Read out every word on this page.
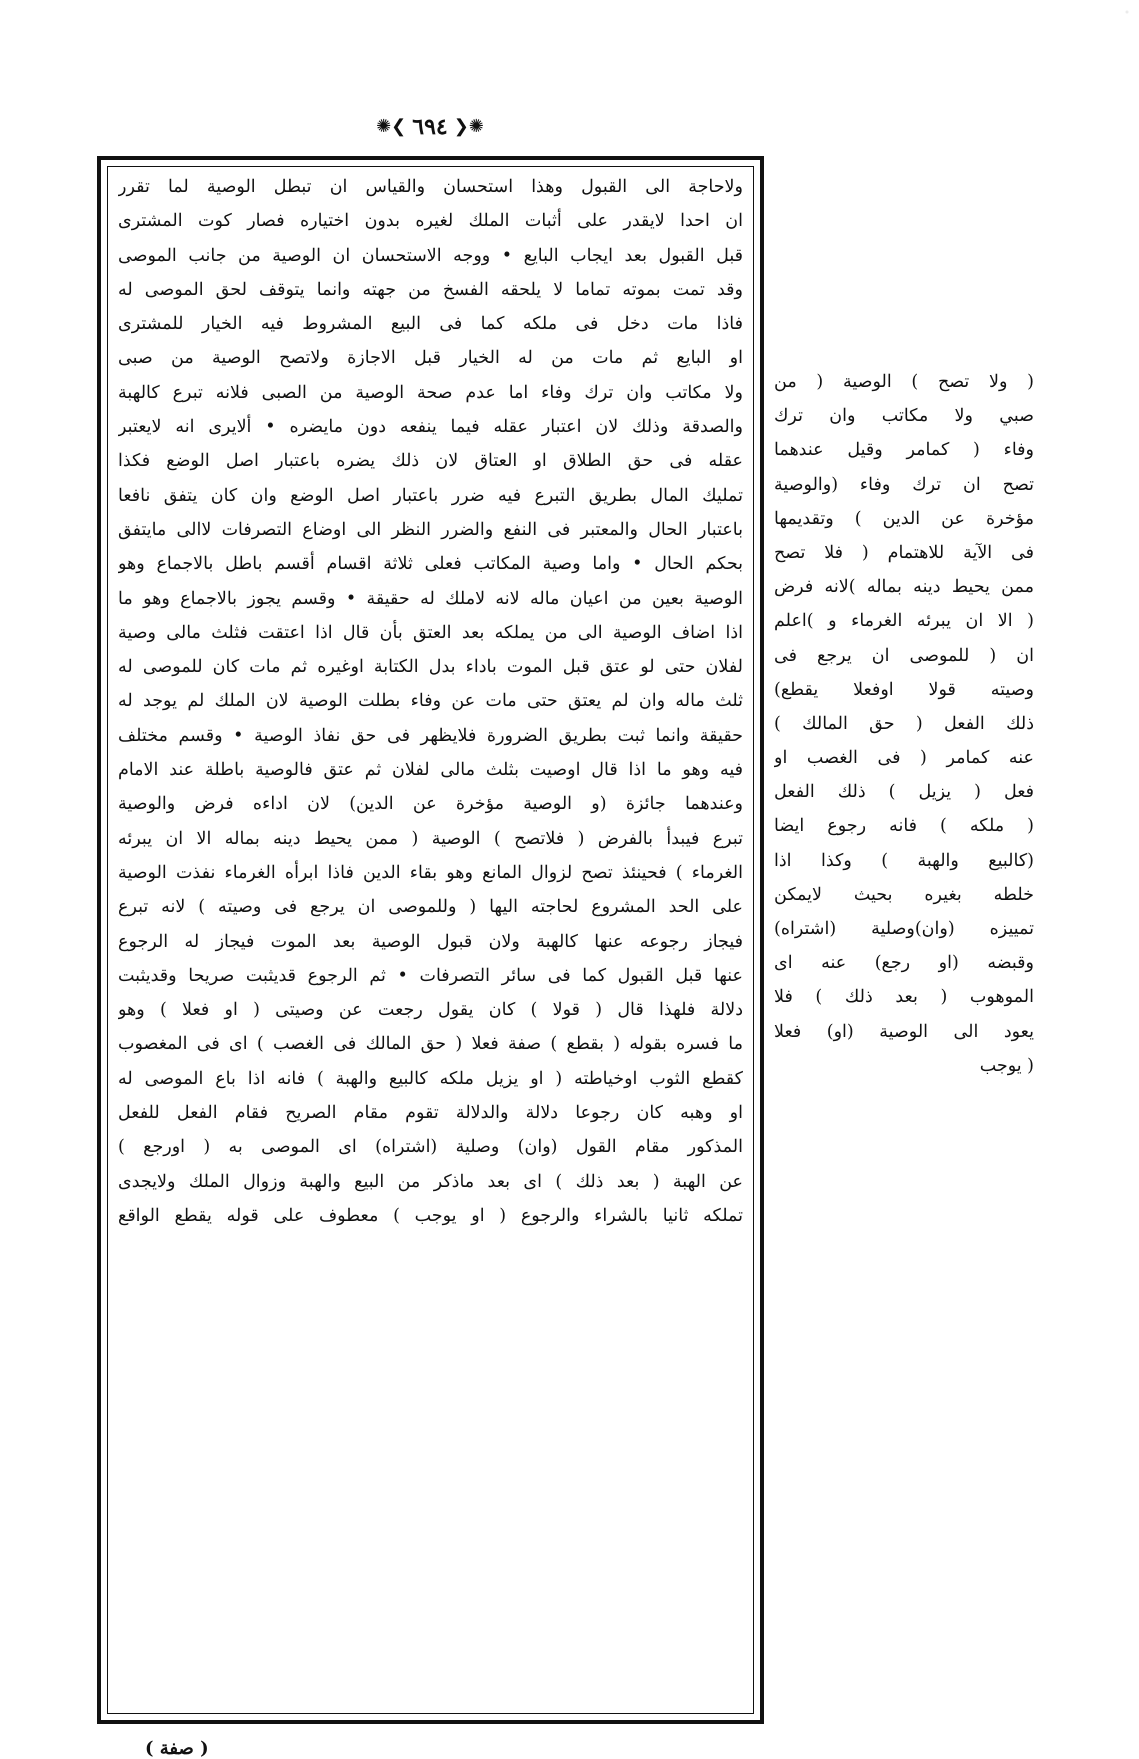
✺❮ ٦٩٤ ❯✺
ولاحاجة الى القبول وهذا استحسان والقياس ان تبطل الوصية لما تقرر
ان احدا لايقدر على أثبات الملك لغيره بدون اختياره فصار كوت المشترى
قبل القبول بعد ايجاب البايع • ووجه الاستحسان ان الوصية من جانب الموصى
وقد تمت بموته تماما لا يلحقه الفسخ من جهته وانما يتوقف لحق الموصى له
فاذا مات دخل فى ملكه كما فى البيع المشروط فيه الخيار للمشترى
او البايع ثم مات من له الخيار قبل الاجازة ولاتصح الوصية من صبى
ولا مكاتب وان ترك وفاء اما عدم صحة الوصية من الصبى فلانه تبرع كالهبة
والصدقة وذلك لان اعتبار عقله فيما ينفعه دون مايضره • ألايرى انه لايعتبر
عقله فى حق الطلاق او العتاق لان ذلك يضره باعتبار اصل الوضع فكذا
تمليك المال بطريق التبرع فيه ضرر باعتبار اصل الوضع وان كان يتفق نافعا
باعتبار الحال والمعتبر فى النفع والضرر النظر الى اوضاع التصرفات لاالى مايتفق
بحكم الحال • واما وصية المكاتب فعلى ثلاثة اقسام أقسم باطل بالاجماع وهو
الوصية بعين من اعيان ماله لانه لاملك له حقيقة • وقسم يجوز بالاجماع وهو ما
اذا اضاف الوصية الى من يملكه بعد العتق بأن قال اذا اعتقت فثلث مالى وصية
لفلان حتى لو عتق قبل الموت باداء بدل الكتابة اوغيره ثم مات كان للموصى له
ثلث ماله وان لم يعتق حتى مات عن وفاء بطلت الوصية لان الملك لم يوجد له
حقيقة وانما ثبت بطريق الضرورة فلايظهر فى حق نفاذ الوصية • وقسم مختلف
فيه وهو ما اذا قال اوصيت بثلث مالى لفلان ثم عتق فالوصية باطلة عند الامام
وعندهما جائزة (و الوصية مؤخرة عن الدين) لان اداءه فرض والوصية
تبرع فيبدأ بالفرض ( فلاتصح ) الوصية ( ممن يحيط دينه بماله الا ان يبرئه
الغرماء ) فحينئذ تصح لزوال المانع وهو بقاء الدين فاذا ابرأه الغرماء نفذت الوصية
على الحد المشروع لحاجته اليها ( وللموصى ان يرجع فى وصيته ) لانه تبرع
فيجاز رجوعه عنها كالهبة ولان قبول الوصية بعد الموت فيجاز له الرجوع
عنها قبل القبول كما فى سائر التصرفات • ثم الرجوع قديثبت صريحا وقديثبت
دلالة فلهذا قال ( قولا ) كان يقول رجعت عن وصيتى ( او فعلا ) وهو
ما فسره بقوله ( بقطع ) صفة فعلا ( حق المالك فى الغصب ) اى فى المغصوب
كقطع الثوب اوخياطته ( او يزيل ملكه كالبيع والهبة ) فانه اذا باع الموصى له
او وهبه كان رجوعا دلالة والدلالة تقوم مقام الصريح فقام الفعل للفعل
المذكور مقام القول (وان) وصلية (اشتراه) اى الموصى به ( اورجع )
عن الهبة ( بعد ذلك ) اى بعد ماذكر من البيع والهبة وزوال الملك ولايجدى
تملكه ثانيا بالشراء والرجوع ( او يوجب ) معطوف على قوله يقطع الواقع
( ولا تصح ) الوصية ( من
صبي ولا مكاتب وان ترك
وفاء ( كمامر وقيل عندهما
تصح ان ترك وفاء (والوصية
مؤخرة عن الدين ) وتقديمها
فى الآية للاهتمام ( فلا تصح
ممن يحيط دينه بماله )لانه فرض
( الا ان يبرئه الغرماء و )اعلم
ان ( للموصى ان يرجع فى
وصيته قولا اوفعلا يقطع)
ذلك الفعل ( حق المالك )
عنه كمامر ( فى الغصب او
فعل ( يزيل ) ذلك الفعل
( ملكه ) فانه رجوع ايضا
(كالبيع والهبة ) وكذا اذا
خلطه بغيره بحيث لايمكن
تمييزه (وان)وصلية (اشتراه)
وقبضه (او رجع) عنه اى
الموهوب ( بعد ذلك ) فلا
يعود الى الوصية (او) فعلا
( يوجب
( صفة )
